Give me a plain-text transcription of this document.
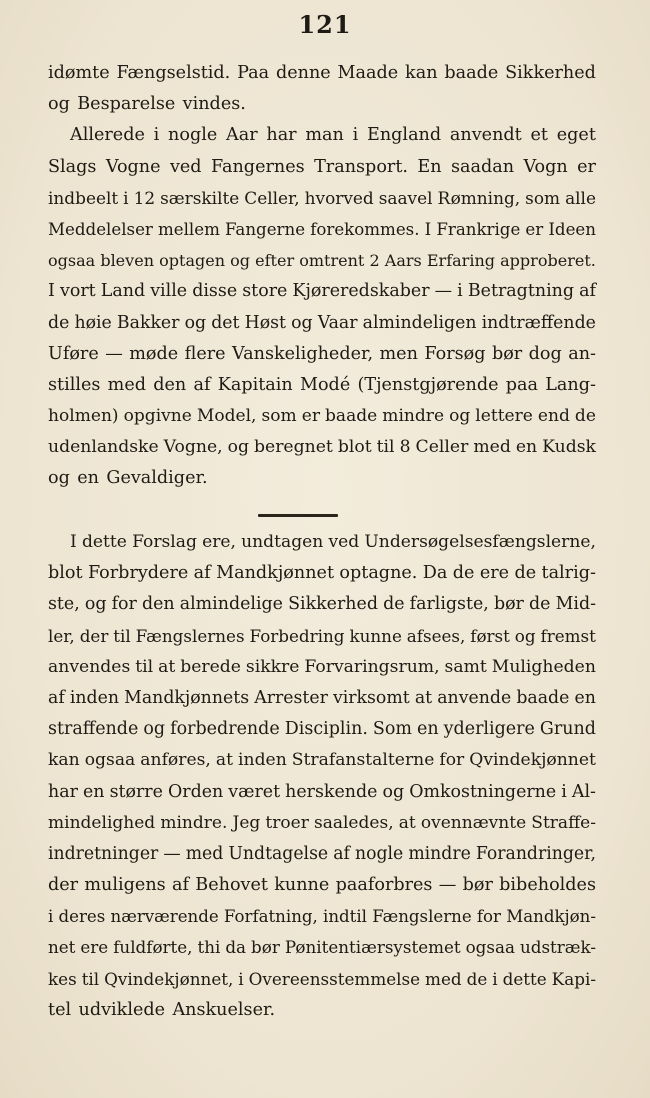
121
idømte Fængselstid. Paa denne Maade kan baade Sikkerhed
og Besparelse vindes.
Allerede i nogle Aar har man i England anvendt et eget
Slags Vogne ved Fangernes Transport. En saadan Vogn er
indbeelt i 12 særskilte Celler, hvorved saavel Rømning, som alle
Meddelelser mellem Fangerne forekommes. I Frankrige er Ideen
ogsaa bleven optagen og efter omtrent 2 Aars Erfaring approberet.
I vort Land ville disse store Kjøreredskaber — i Betragtning af
de høie Bakker og det Høst og Vaar almindeligen indtræffende
Uføre — møde flere Vanskeligheder, men Forsøg bør dog an-
stilles med den af Kapitain Modé (Tjenstgjørende paa Lang-
holmen) opgivne Model, som er baade mindre og lettere end de
udenlandske Vogne, og beregnet blot til 8 Celler med en Kudsk
og en Gevaldiger.
I dette Forslag ere, undtagen ved Undersøgelsesfængslerne,
blot Forbrydere af Mandkjønnet optagne. Da de ere de talrig-
ste, og for den almindelige Sikkerhed de farligste, bør de Mid-
ler, der til Fængslernes Forbedring kunne afsees, først og fremst
anvendes til at berede sikkre Forvaringsrum, samt Muligheden
af inden Mandkjønnets Arrester virksomt at anvende baade en
straffende og forbedrende Disciplin. Som en yderligere Grund
kan ogsaa anføres, at inden Strafanstalterne for Qvindekjønnet
har en større Orden været herskende og Omkostningerne i Al-
mindelighed mindre. Jeg troer saaledes, at ovennævnte Straffe-
indretninger — med Undtagelse af nogle mindre Forandringer,
der muligens af Behovet kunne paaforbres — bør bibeholdes
i deres nærværende Forfatning, indtil Fængslerne for Mandkjøn-
net ere fuldførte, thi da bør Pønitentiærsystemet ogsaa udstræk-
kes til Qvindekjønnet, i Overeensstemmelse med de i dette Kapi-
tel udviklede Anskuelser.
